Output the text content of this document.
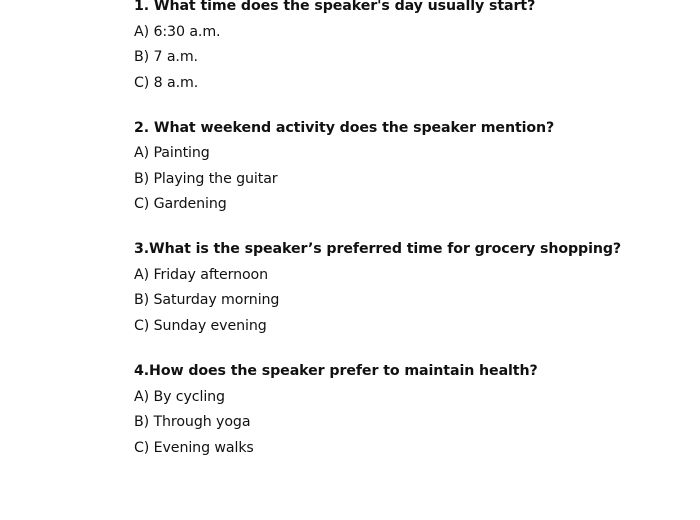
1. What time does the speaker's day usually start?
A) 6:30 a.m.
B) 7 a.m.
C) 8 a.m.
2. What weekend activity does the speaker mention?
A) Painting
B) Playing the guitar
C) Gardening
3.What is the speaker’s preferred time for grocery shopping?
A) Friday afternoon
B) Saturday morning
C) Sunday evening
4.How does the speaker prefer to maintain health?
A) By cycling
B) Through yoga
C) Evening walks
